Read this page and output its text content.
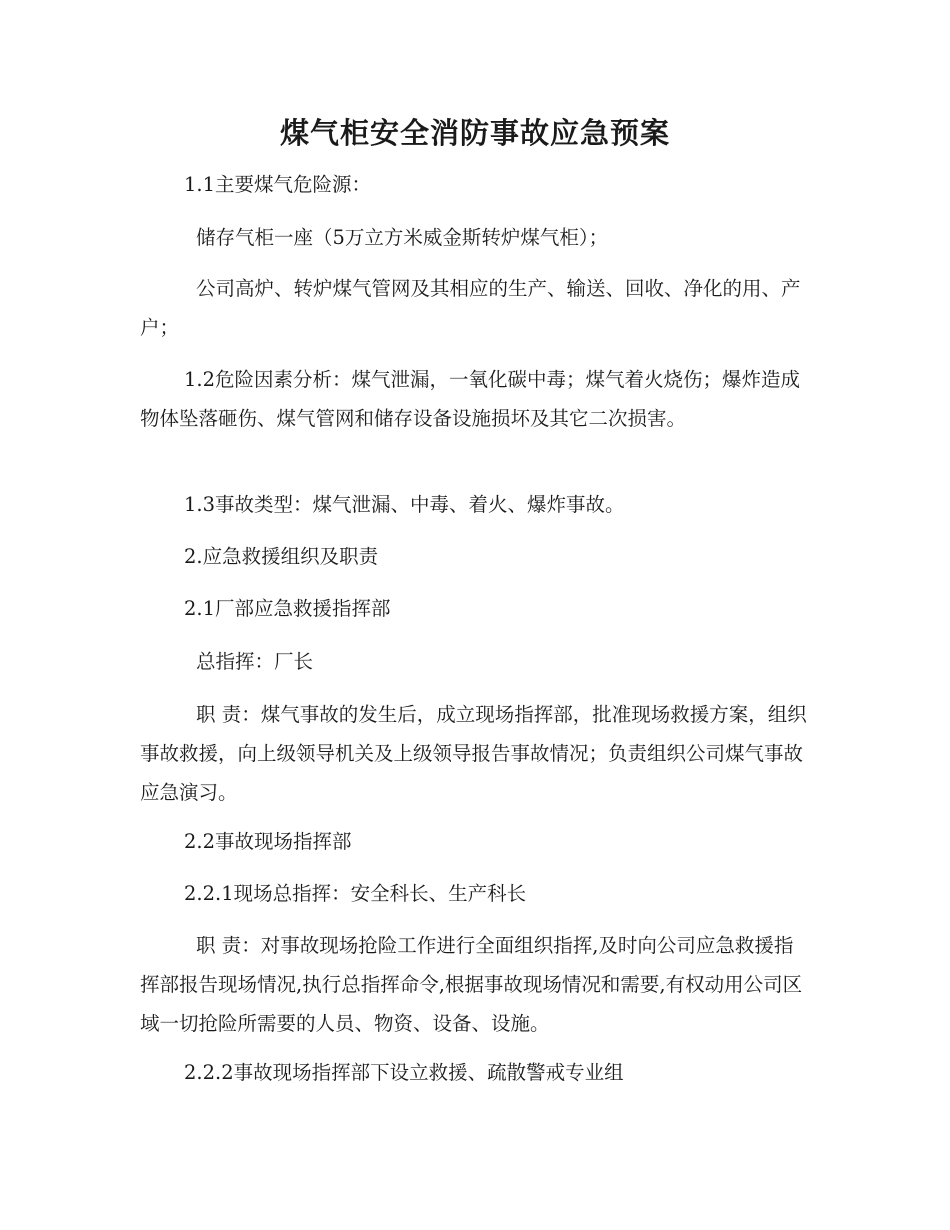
煤气柜安全消防事故应急预案

1.1主要煤气危险源：

储存气柜一座（5万立方米威金斯转炉煤气柜）；

公司高炉、转炉煤气管网及其相应的生产、输送、回收、净化的用、产户；

1.2危险因素分析：煤气泄漏，一氧化碳中毒；煤气着火烧伤；爆炸造成物体坠落砸伤、煤气管网和储存设备设施损坏及其它二次损害。

1.3事故类型：煤气泄漏、中毒、着火、爆炸事故。

2.应急救援组织及职责

2.1厂部应急救援指挥部

总指挥：厂长

职 责：煤气事故的发生后，成立现场指挥部，批准现场救援方案，组织事故救援，向上级领导机关及上级领导报告事故情况；负责组织公司煤气事故应急演习。

2.2事故现场指挥部

2.2.1现场总指挥：安全科长、生产科长

职 责：对事故现场抢险工作进行全面组织指挥,及时向公司应急救援指挥部报告现场情况,执行总指挥命令,根据事故现场情况和需要,有权动用公司区域一切抢险所需要的人员、物资、设备、设施。

2.2.2事故现场指挥部下设立救援、疏散警戒专业组
